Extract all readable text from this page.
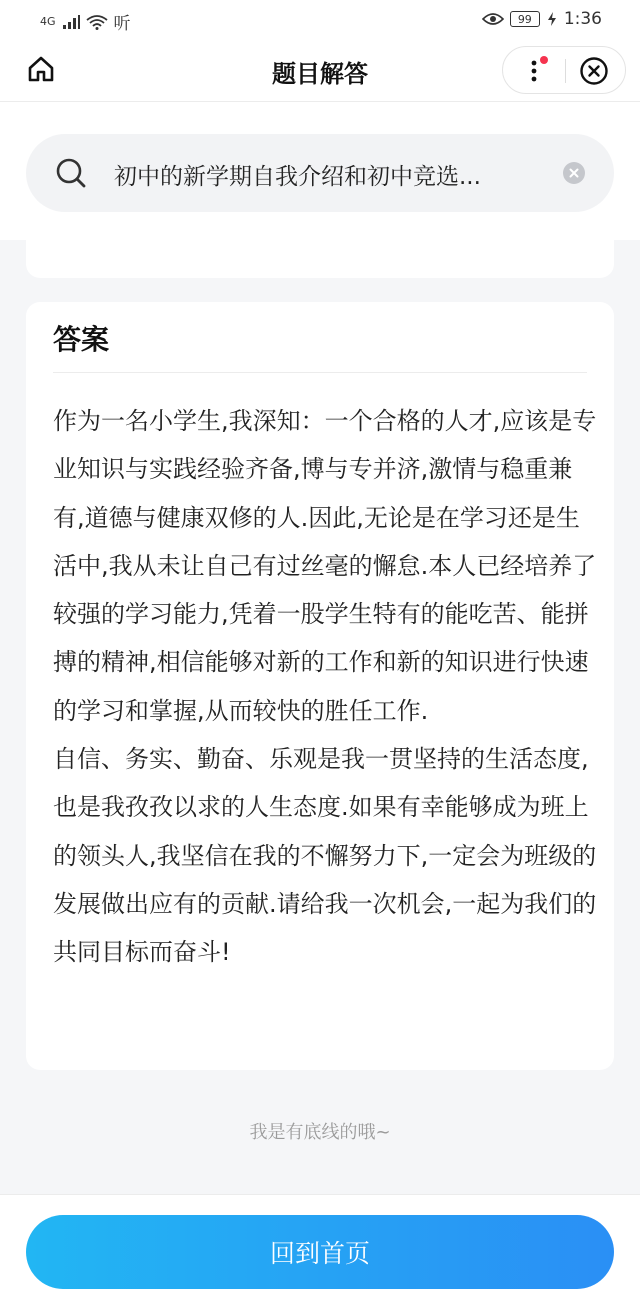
4G	听	99	1:36
题目解答
初中的新学期自我介绍和初中竞选...
答案

作为一名小学生,我深知：一个合格的人才,应该是专业知识与实践经验齐备,博与专并济,激情与稳重兼有,道德与健康双修的人.因此,无论是在学习还是生活中,我从未让自己有过丝毫的懈怠.本人已经培养了较强的学习能力,凭着一股学生特有的能吃苦、能拼搏的精神,相信能够对新的工作和新的知识进行快速的学习和掌握,从而较快的胜任工作.

自信、务实、勤奋、乐观是我一贯坚持的生活态度,也是我孜孜以求的人生态度.如果有幸能够成为班上的领头人,我坚信在我的不懈努力下,一定会为班级的发展做出应有的贡献.请给我一次机会,一起为我们的共同目标而奋斗!

我是有底线的哦~
回到首页
